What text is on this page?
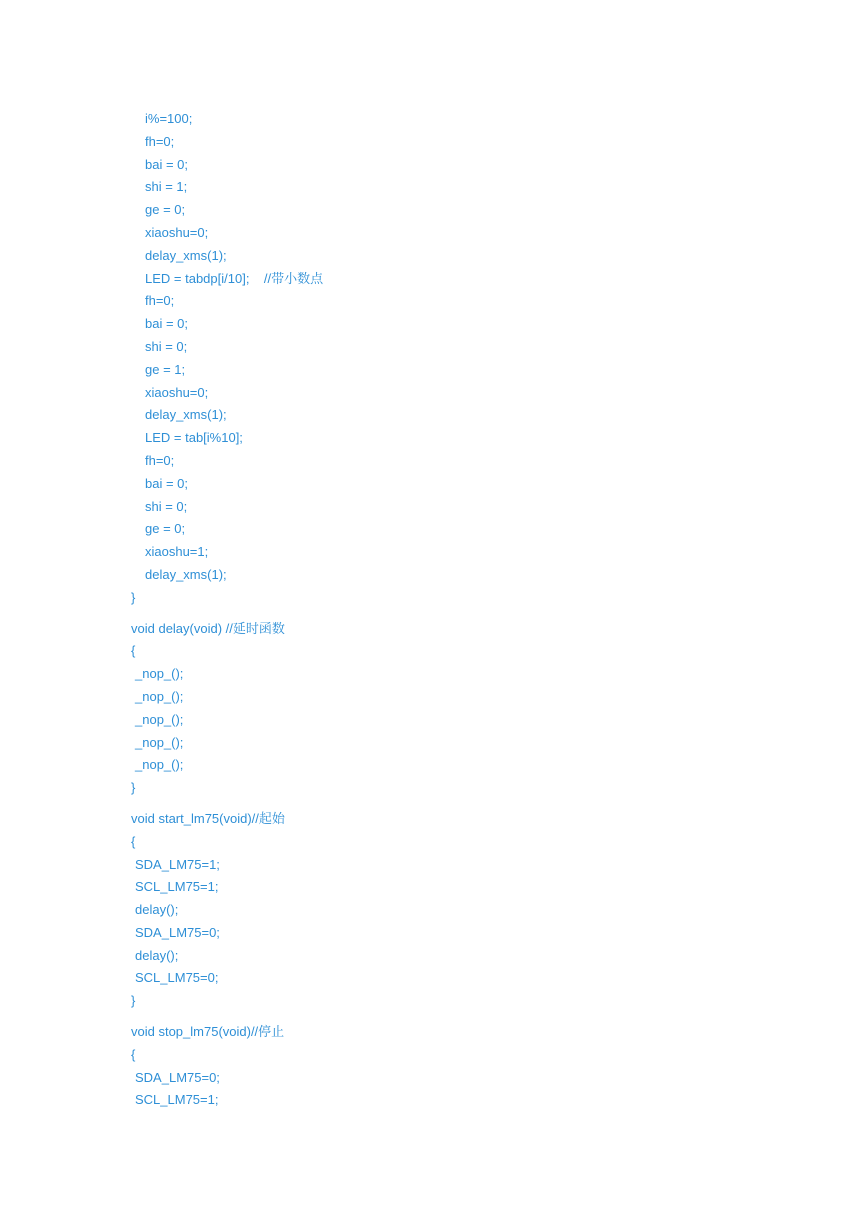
i%=100;
fh=0;
bai = 0;
shi = 1;
ge = 0;
xiaoshu=0;
delay_xms(1);
LED = tabdp[i/10];    //带小数点
fh=0;
bai = 0;
shi = 0;
ge = 1;
xiaoshu=0;
delay_xms(1);
LED = tab[i%10];
fh=0;
bai = 0;
shi = 0;
ge = 0;
xiaoshu=1;
delay_xms(1);
}
void delay(void) //延时函数
{
_nop_();
_nop_();
_nop_();
_nop_();
_nop_();
}
void start_lm75(void)//起始
{
SDA_LM75=1;
SCL_LM75=1;
delay();
SDA_LM75=0;
delay();
SCL_LM75=0;
}
void stop_lm75(void)//停止
{
SDA_LM75=0;
SCL_LM75=1;
